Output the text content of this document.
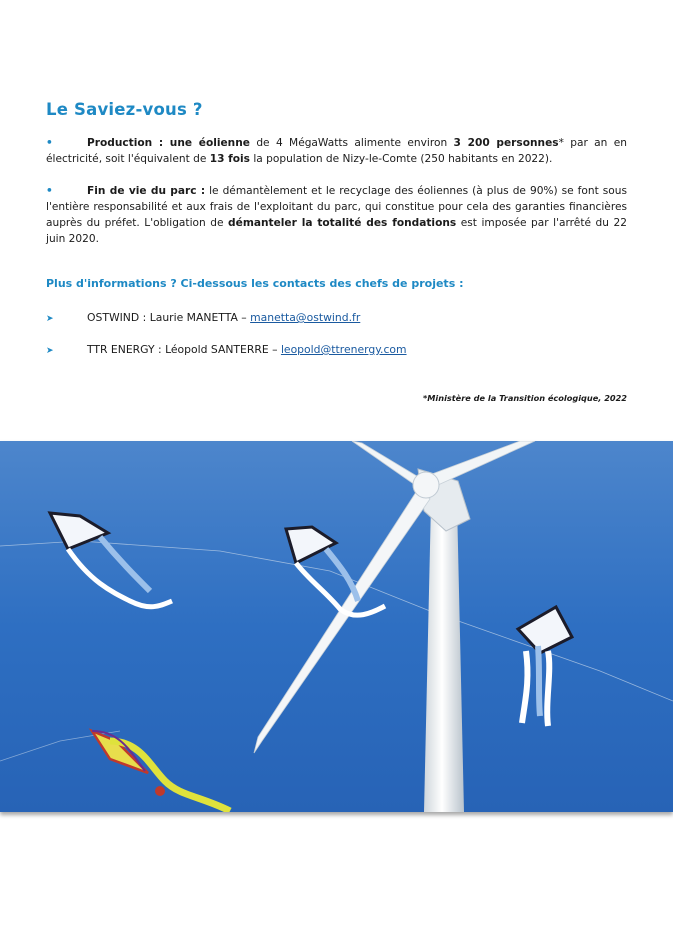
Le Saviez-vous ?

•	Production : une éolienne de 4 MégaWatts alimente environ 3 200 personnes* par an en électricité, soit l'équivalent de 13 fois la population de Nizy-le-Comte (250 habitants en 2022).

•	Fin de vie du parc : le démantèlement et le recyclage des éoliennes (à plus de 90%) se font sous l'entière responsabilité et aux frais de l'exploitant du parc, qui constitue pour cela des garanties financières auprès du préfet. L'obligation de démanteler la totalité des fondations est imposée par l'arrêté du 22 juin 2020.

Plus d'informations ? Ci-dessous les contacts des chefs de projets :

➤	OSTWIND : Laurie MANETTA – manetta@ostwind.fr
➤	TTR ENERGY : Léopold SANTERRE – leopold@ttrenergy.com
*Ministère de la Transition écologique, 2022
